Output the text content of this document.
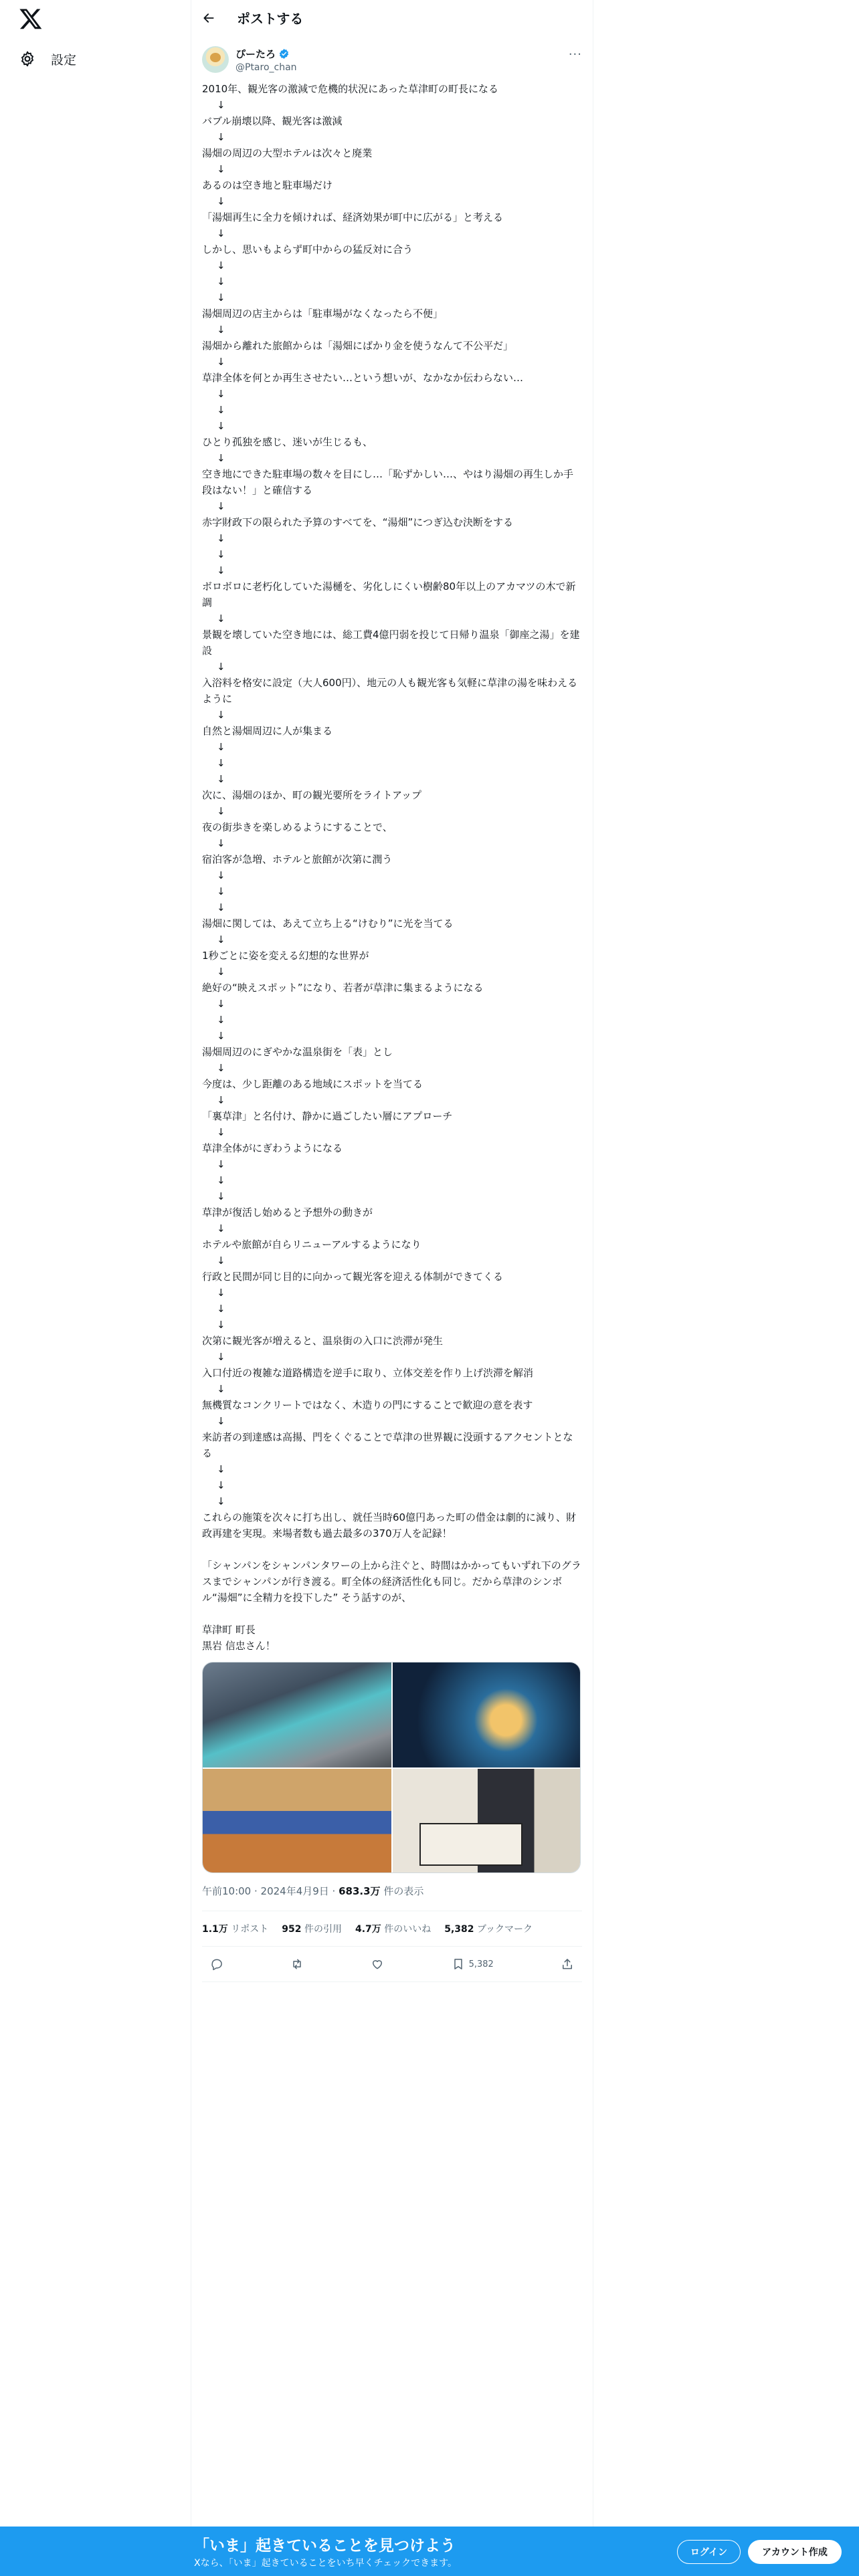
設定
ポストする
ぴーたろ
@Ptaro_chan
···
2010年、観光客の激減で危機的状況にあった草津町の町長になる
↓
バブル崩壊以降、観光客は激減
↓
湯畑の周辺の大型ホテルは次々と廃業
↓
あるのは空き地と駐車場だけ
↓
「湯畑再生に全力を傾ければ、経済効果が町中に広がる」と考える
↓
しかし、思いもよらず町中からの猛反対に合う
↓
↓
↓
湯畑周辺の店主からは「駐車場がなくなったら不便」
↓
湯畑から離れた旅館からは「湯畑にばかり金を使うなんて不公平だ」
↓
草津全体を何とか再生させたい…という想いが、なかなか伝わらない…
↓
↓
↓
ひとり孤独を感じ、迷いが生じるも、
↓
空き地にできた駐車場の数々を目にし…「恥ずかしい…、やはり湯畑の再生しか手段はない！」と確信する
↓
赤字財政下の限られた予算のすべてを、“湯畑”につぎ込む決断をする
↓
↓
↓
ボロボロに老朽化していた湯樋を、劣化しにくい樹齢80年以上のアカマツの木で新調
↓
景観を壊していた空き地には、総工費4億円弱を投じて日帰り温泉「御座之湯」を建設
↓
入浴料を格安に設定（大人600円）、地元の人も観光客も気軽に草津の湯を味わえるように
↓
自然と湯畑周辺に人が集まる
↓
↓
↓
次に、湯畑のほか、町の観光要所をライトアップ
↓
夜の街歩きを楽しめるようにすることで、
↓
宿泊客が急増、ホテルと旅館が次第に潤う
↓
↓
↓
湯畑に関しては、あえて立ち上る“けむり”に光を当てる
↓
1秒ごとに姿を変える幻想的な世界が
↓
絶好の“映えスポット”になり、若者が草津に集まるようになる
↓
↓
↓
湯畑周辺のにぎやかな温泉街を「表」とし
↓
今度は、少し距離のある地域にスポットを当てる
↓
「裏草津」と名付け、静かに過ごしたい層にアプローチ
↓
草津全体がにぎわうようになる
↓
↓
↓
草津が復活し始めると予想外の動きが
↓
ホテルや旅館が自らリニューアルするようになり
↓
行政と民間が同じ目的に向かって観光客を迎える体制ができてくる
↓
↓
↓
次第に観光客が増えると、温泉街の入口に渋滞が発生
↓
入口付近の複雑な道路構造を逆手に取り、立体交差を作り上げ渋滞を解消
↓
無機質なコンクリートではなく、木造りの門にすることで歓迎の意を表す
↓
来訪者の到達感は高揚、門をくぐることで草津の世界観に没頭するアクセントとなる
↓
↓
↓
これらの施策を次々に打ち出し、就任当時60億円あった町の借金は劇的に減り、財政再建を実現。来場者数も過去最多の370万人を記録！
「シャンパンをシャンパンタワーの上から注ぐと、時間はかかってもいずれ下のグラスまでシャンパンが行き渡る。町全体の経済活性化も同じ。だから草津のシンボル“湯畑”に全精力を投下した” そう話すのが、
草津町 町長
黒岩 信忠さん！
午前10:00 · 2024年4月9日 · 683.3万 件の表示
1.1万 リポスト 952 件の引用 4.7万 件のいいね 5,382 ブックマーク
5,382
「いま」起きていることを見つけよう
Xなら、「いま」起きていることをいち早くチェックできます。
ログイン	アカウント作成
